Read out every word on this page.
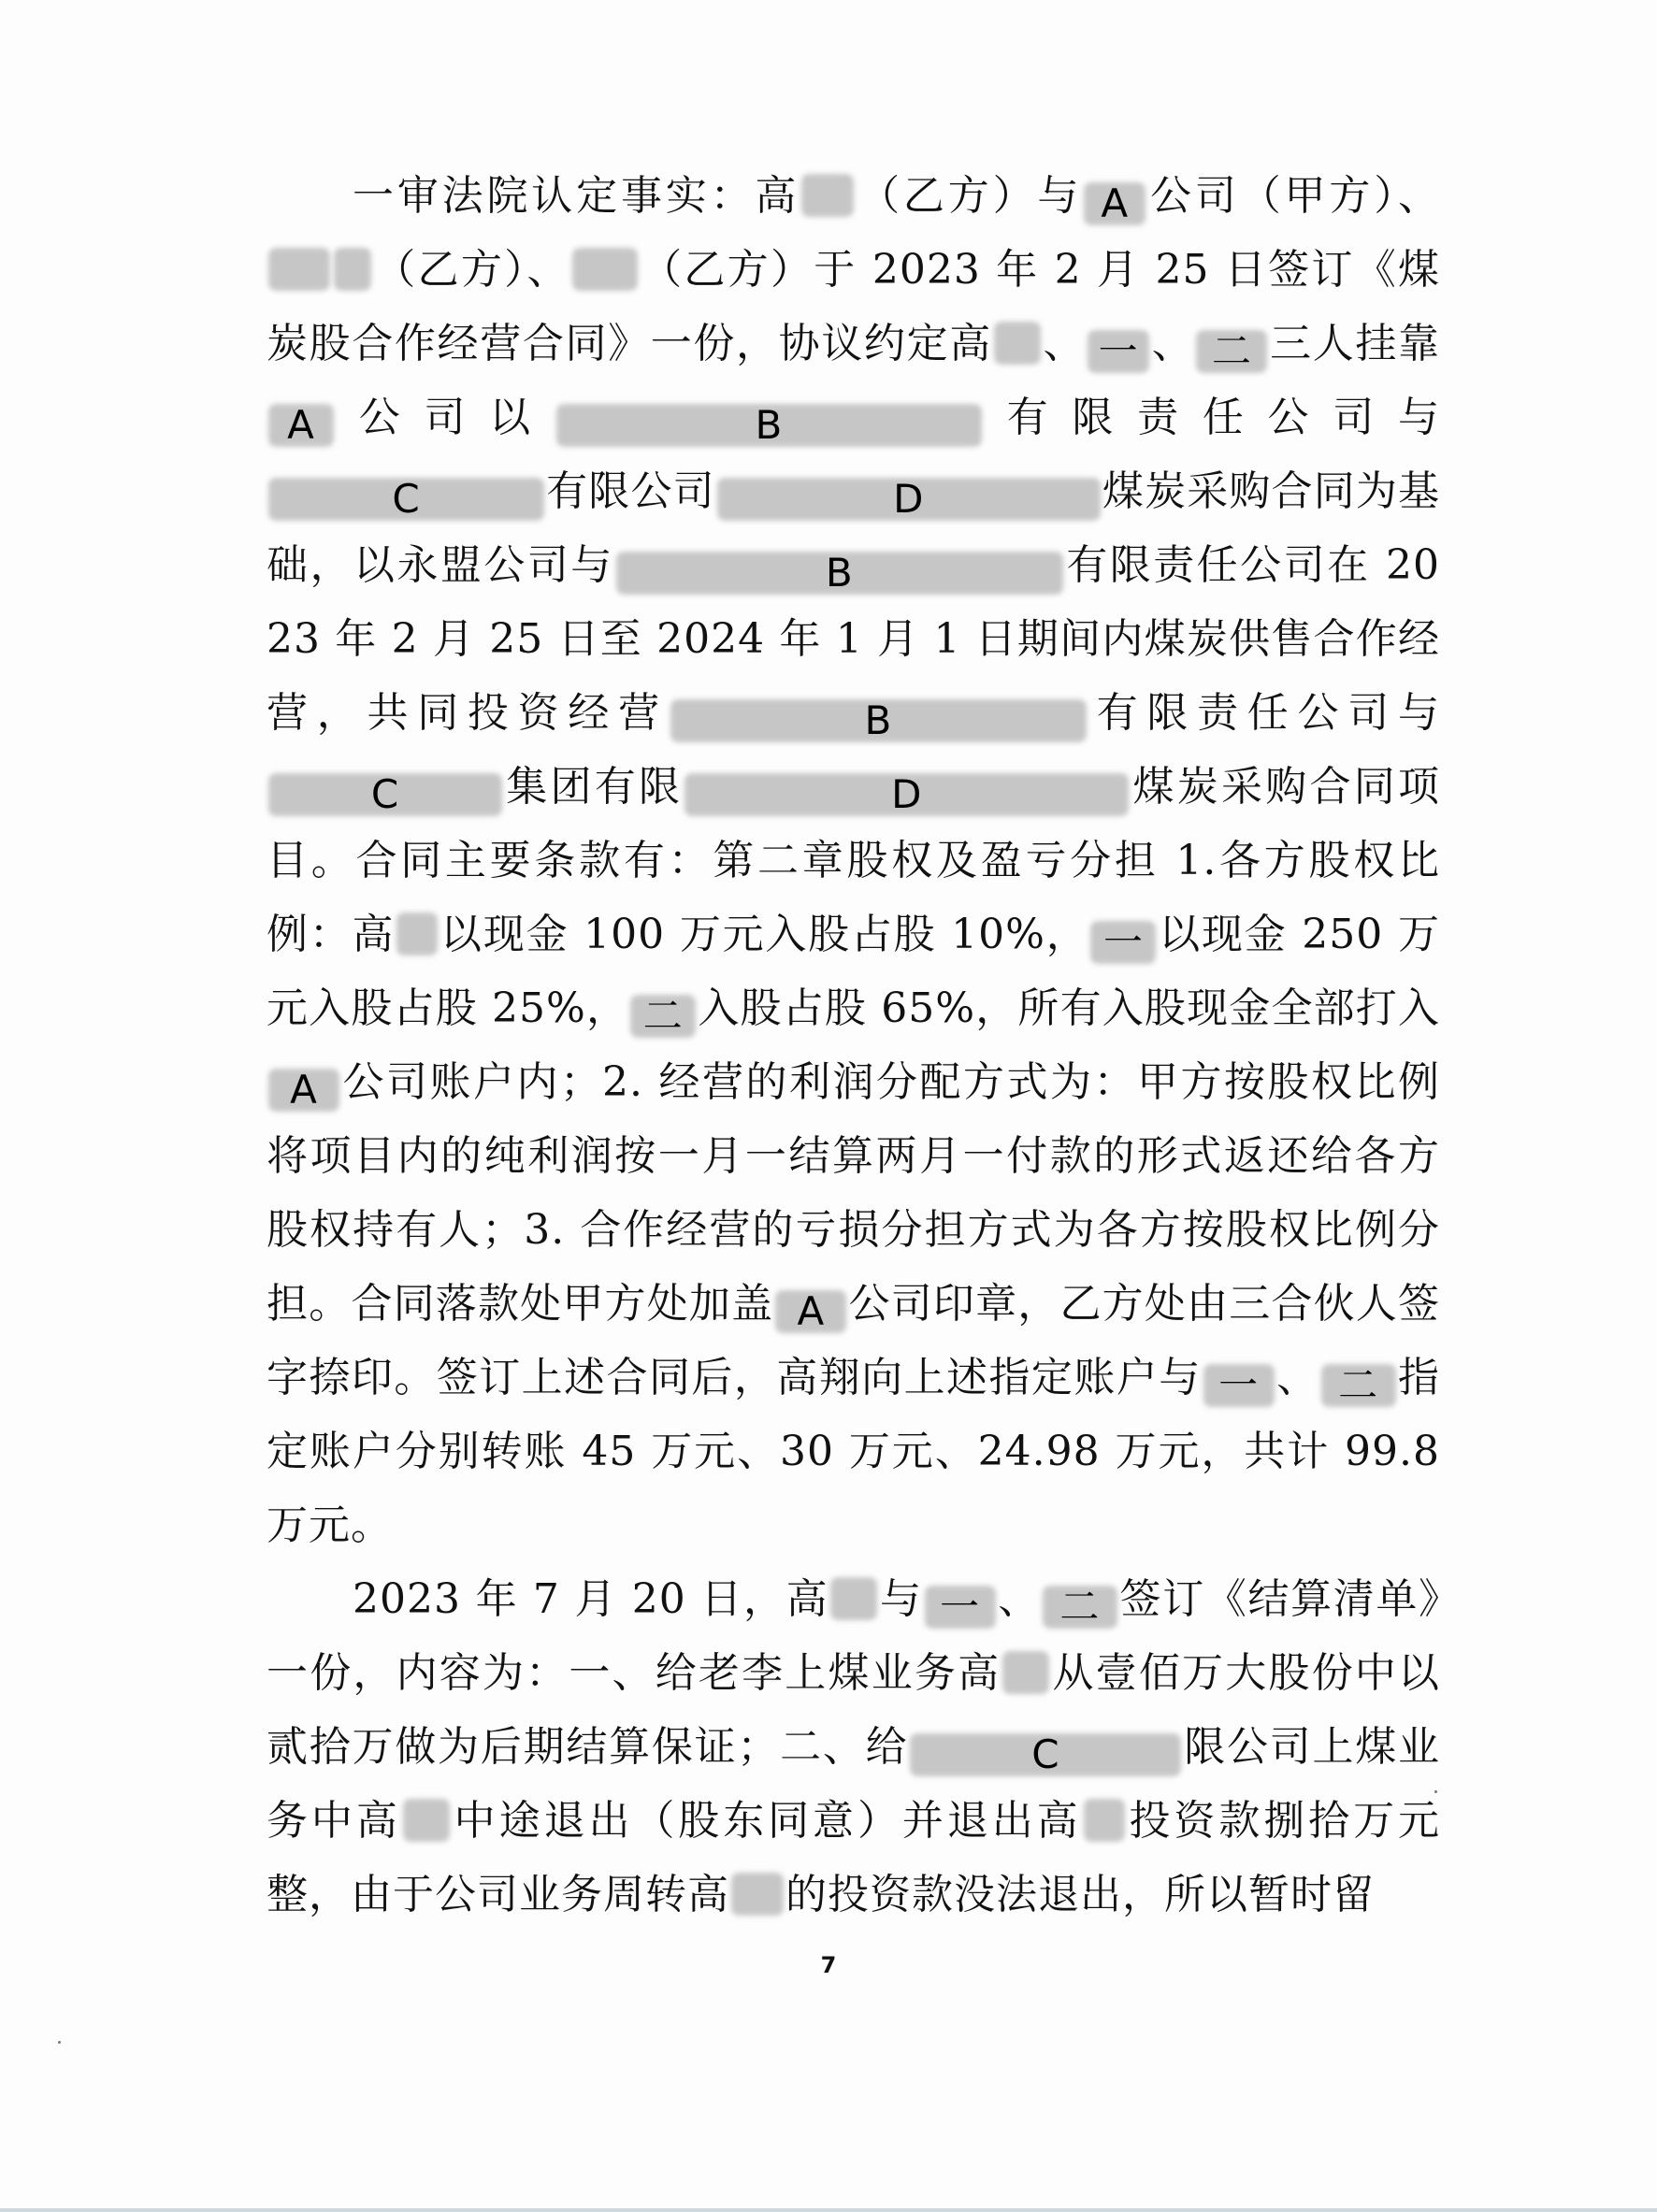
一审法院认定事实：高 （乙方）与 A 公司（甲方）、
（乙方）、 （乙方）于 2023 年 2 月 25 日签订《煤炭股合作经营合同》一份，协议约定高 、 一 、 二 三人挂靠
A 公司以	B	有限责任公司与
C	有限公司	D	煤炭采购合同为基础，以永盟公司与	B	有限责任公司在 2023 年 2 月 25 日至 2024 年 1 月 1 日期间内煤炭供售合作经营，共同投资经营	B	有限责任公司与
C	集团有限	D	煤炭采购合同项目。合同主要条款有：第二章股权及盈亏分担 1.各方股权比例：高 以现金 100 万元入股占股 10%， 一 以现金 250 万元入股占股 25%， 二 入股占股 65%，所有入股现金全部打入
A 公司账户内；2. 经营的利润分配方式为：甲方按股权比例将项目内的纯利润按一月一结算两月一付款的形式返还给各方股权持有人；3. 合作经营的亏损分担方式为各方按股权比例分担。合同落款处甲方处加盖 A 公司印章，乙方处由三合伙人签字捺印。签订上述合同后，高翔向上述指定账户与 一 、 二 指定账户分别转账 45 万元、30 万元、24.98 万元，共计 99.8 万元。

2023 年 7 月 20 日，高 与 一 、 二 签订《结算清单》一份，内容为：一、给老李上煤业务高 从壹佰万大股份中以贰拾万做为后期结算保证；二、给	C	限公司上煤业务中高 中途退出（股东同意）并退出高 投资款捌拾万元整，由于公司业务周转高 的投资款没法退出，所以暂时留

7
